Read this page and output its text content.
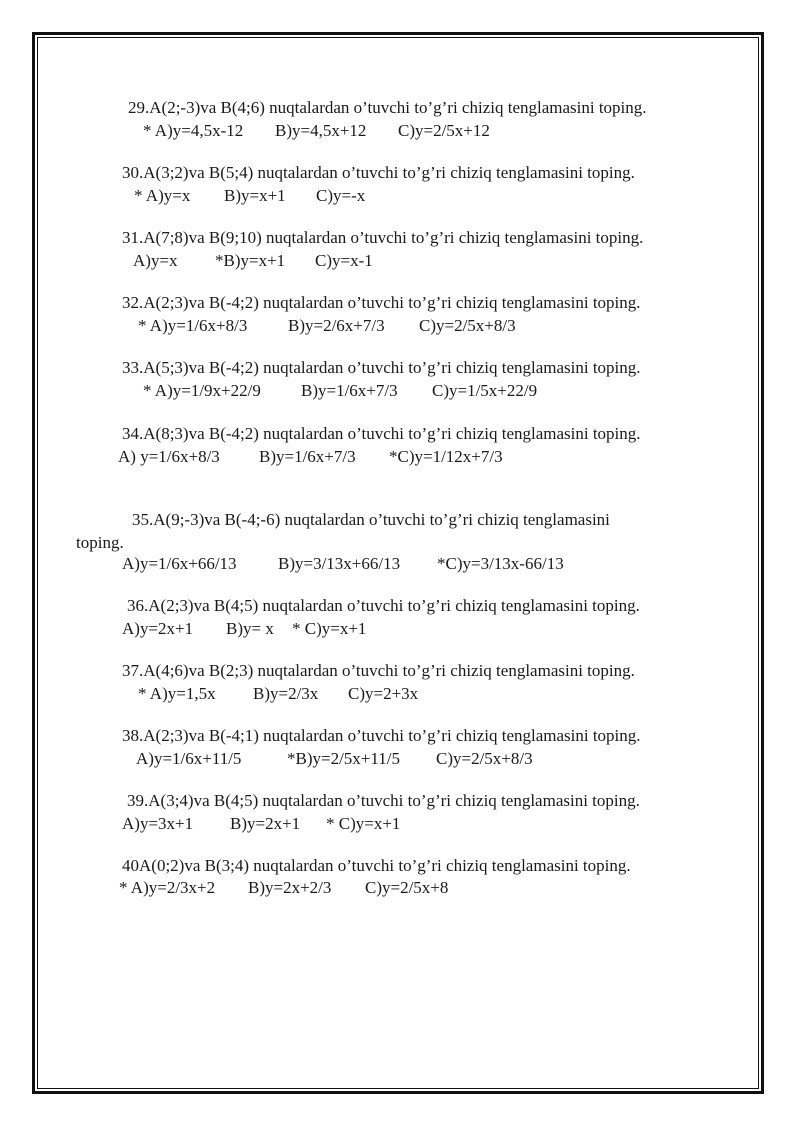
29.A(2;-3)va B(4;6) nuqtalardan o’tuvchi to’g’ri chiziq tenglamasini toping.
* A)y=4,5x-12 B)y=4,5x+12 C)y=2/5x+12
30.A(3;2)va B(5;4) nuqtalardan o’tuvchi to’g’ri chiziq tenglamasini toping.
* A)y=x B)y=x+1 C)y=-x
31.A(7;8)va B(9;10) nuqtalardan o’tuvchi to’g’ri chiziq tenglamasini toping.
A)y=x *B)y=x+1 C)y=x-1
32.A(2;3)va B(-4;2) nuqtalardan o’tuvchi to’g’ri chiziq tenglamasini toping.
* A)y=1/6x+8/3 B)y=2/6x+7/3 C)y=2/5x+8/3
33.A(5;3)va B(-4;2) nuqtalardan o’tuvchi to’g’ri chiziq tenglamasini toping.
* A)y=1/9x+22/9 B)y=1/6x+7/3 C)y=1/5x+22/9
34.A(8;3)va B(-4;2) nuqtalardan o’tuvchi to’g’ri chiziq tenglamasini toping.
A) y=1/6x+8/3 B)y=1/6x+7/3 *C)y=1/12x+7/3
35.A(9;-3)va B(-4;-6) nuqtalardan o’tuvchi to’g’ri chiziq tenglamasini
toping.
A)y=1/6x+66/13 B)y=3/13x+66/13 *C)y=3/13x-66/13
36.A(2;3)va B(4;5) nuqtalardan o’tuvchi to’g’ri chiziq tenglamasini toping.
A)y=2x+1 B)y= x * C)y=x+1
37.A(4;6)va B(2;3) nuqtalardan o’tuvchi to’g’ri chiziq tenglamasini toping.
* A)y=1,5x B)y=2/3x C)y=2+3x
38.A(2;3)va B(-4;1) nuqtalardan o’tuvchi to’g’ri chiziq tenglamasini toping.
A)y=1/6x+11/5	*B)y=2/5x+11/5 C)y=2/5x+8/3
39.A(3;4)va B(4;5) nuqtalardan o’tuvchi to’g’ri chiziq tenglamasini toping.
A)y=3x+1 B)y=2x+1 * C)y=x+1
40A(0;2)va B(3;4) nuqtalardan o’tuvchi to’g’ri chiziq tenglamasini toping.
* A)y=2/3x+2 B)y=2x+2/3 C)y=2/5x+8
